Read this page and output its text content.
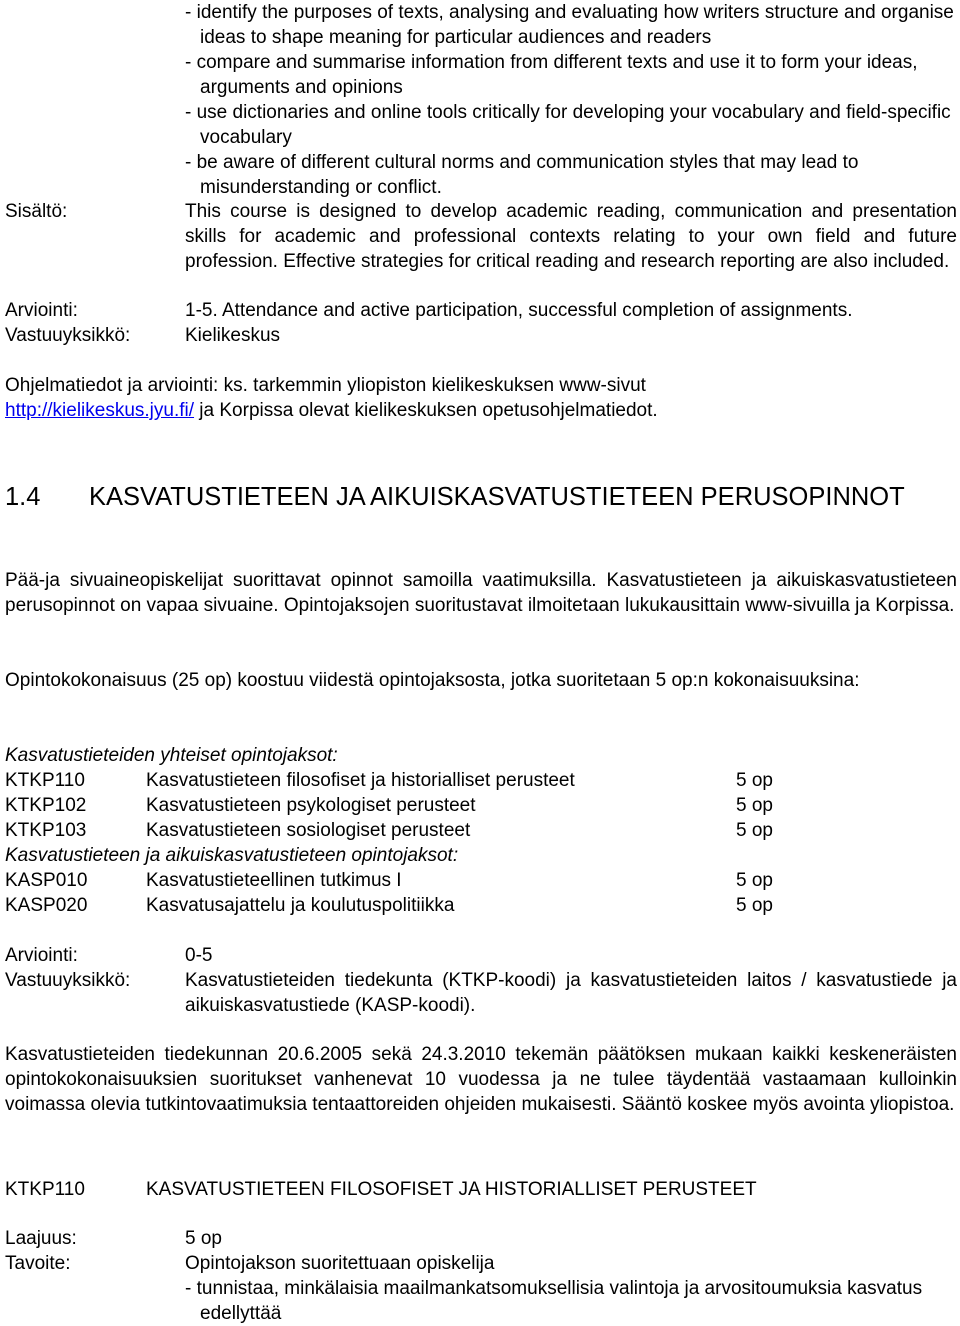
- identify the purposes of texts, analysing and evaluating how writers structure and organise ideas to shape meaning for particular audiences and readers
- compare and summarise information from different texts and use it to form your ideas, arguments and opinions
- use dictionaries and online tools critically for developing your vocabulary and field-specific vocabulary
- be aware of different cultural norms and communication styles that may lead to misunderstanding or conflict.
Sisältö:	This course is designed to develop academic reading, communication and presentation skills for academic and professional contexts relating to your own field and future profession. Effective strategies for critical reading and research reporting are also included.
Arviointi:	1-5. Attendance and active participation, successful completion of assignments.
Vastuuyksikkö:	Kielikeskus
Ohjelmatiedot ja arviointi: ks. tarkemmin yliopiston kielikeskuksen www-sivut
http://kielikeskus.jyu.fi/ ja Korpissa olevat kielikeskuksen opetusohjelmatiedot.
1.4 KASVATUSTIETEEN JA AIKUISKASVATUSTIETEEN PERUSOPINNOT
Pää-ja sivuaineopiskelijat suorittavat opinnot samoilla vaatimuksilla. Kasvatustieteen ja aikuiskasvatustieteen perusopinnot on vapaa sivuaine. Opintojaksojen suoritustavat ilmoitetaan lukukausittain www-sivuilla ja Korpissa.
Opintokokonaisuus (25 op) koostuu viidestä opintojaksosta, jotka suoritetaan 5 op:n kokonaisuuksina:
Kasvatustieteiden yhteiset opintojaksot:
KTKP110	Kasvatustieteen filosofiset ja historialliset perusteet	5 op
KTKP102	Kasvatustieteen psykologiset perusteet	5 op
KTKP103	Kasvatustieteen sosiologiset perusteet	5 op
Kasvatustieteen ja aikuiskasvatustieteen opintojaksot:
KASP010	Kasvatustieteellinen tutkimus I	5 op
KASP020	Kasvatusajattelu ja koulutuspolitiikka	5 op
Arviointi:	0-5
Vastuuyksikkö:	Kasvatustieteiden tiedekunta (KTKP-koodi) ja kasvatustieteiden laitos / kasvatustiede ja aikuiskasvatustiede (KASP-koodi).
Kasvatustieteiden tiedekunnan 20.6.2005 sekä 24.3.2010 tekemän päätöksen mukaan kaikki keskeneräisten opintokokonaisuuksien suoritukset vanhenevat 10 vuodessa ja ne tulee täydentää vastaamaan kulloinkin voimassa olevia tutkintovaatimuksia tentaattoreiden ohjeiden mukaisesti. Sääntö koskee myös avointa yliopistoa.
KTKP110	KASVATUSTIETEEN FILOSOFISET JA HISTORIALLISET PERUSTEET
Laajuus:	5 op
Tavoite:	Opintojakson suoritettuaan opiskelija
- tunnistaa, minkälaisia maailmankatsomuksellisia valintoja ja arvositoumuksia kasvatus edellyttää
